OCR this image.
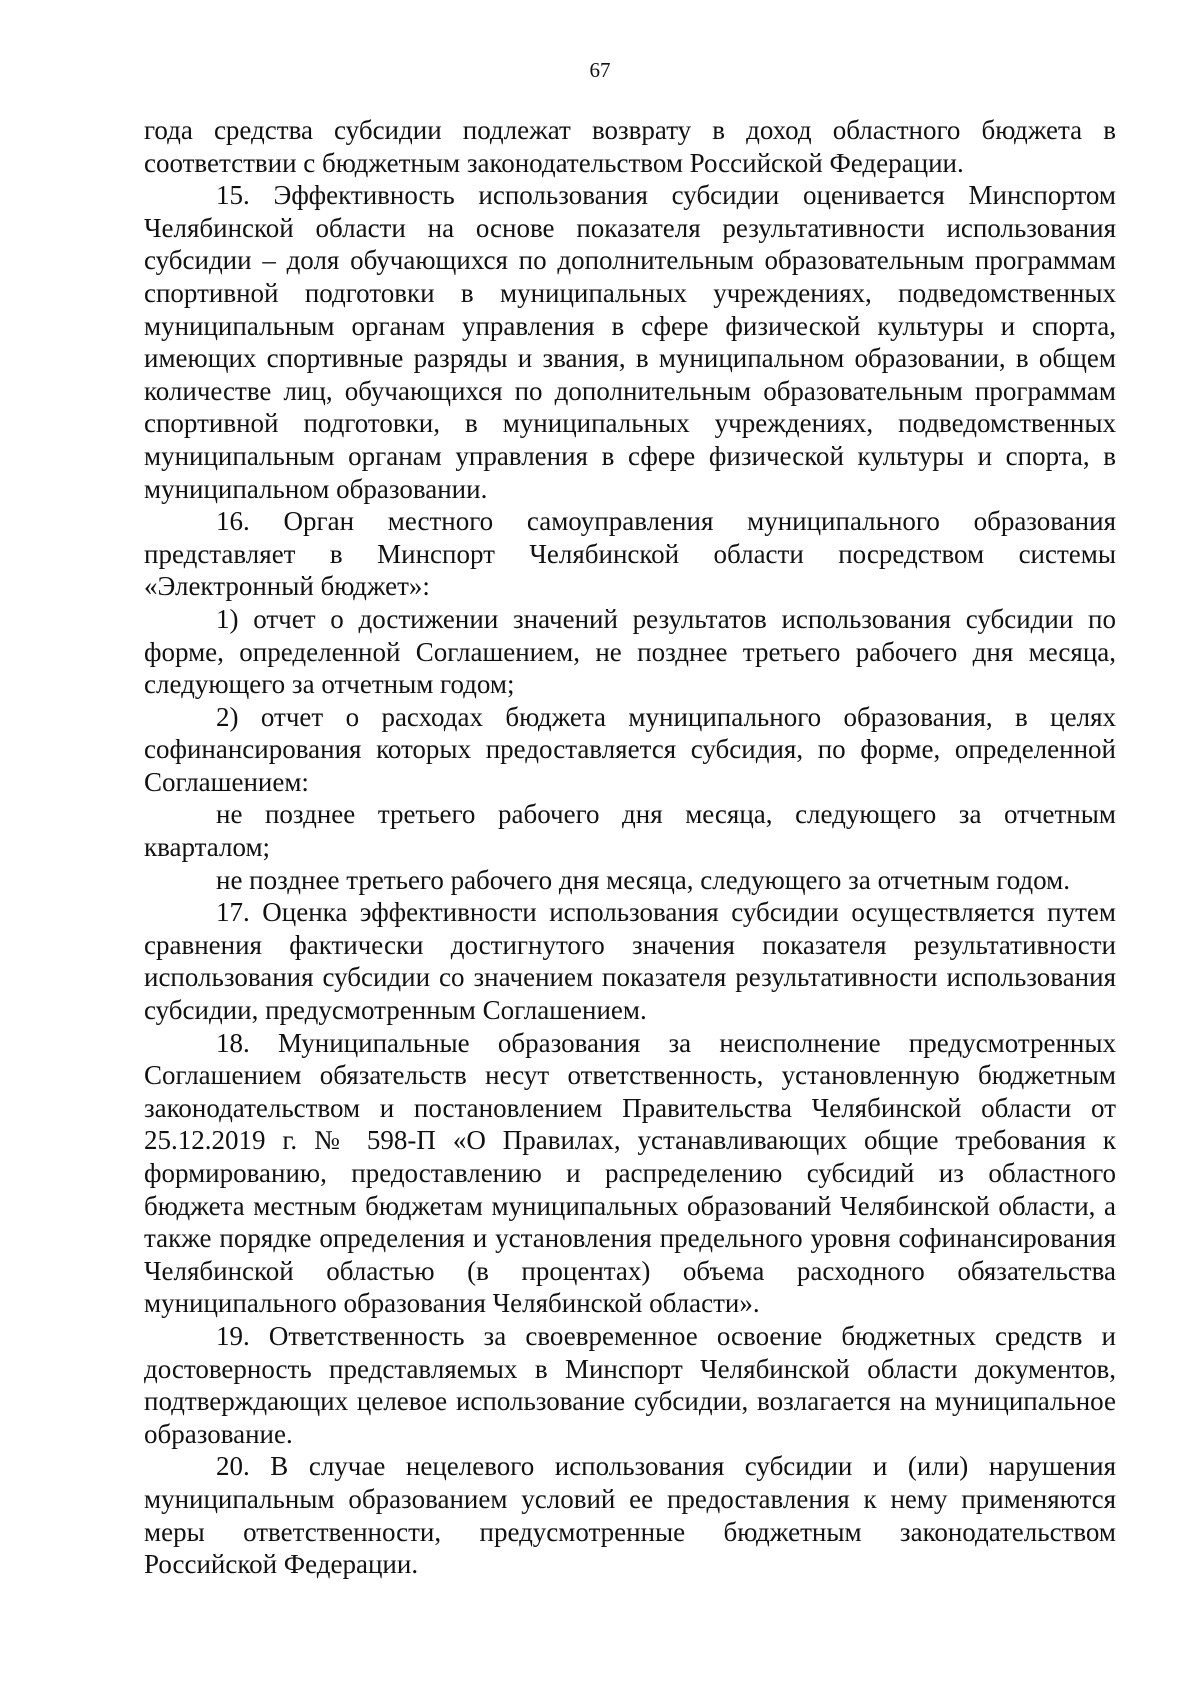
67

года средства субсидии подлежат возврату в доход областного бюджета в соответствии с бюджетным законодательством Российской Федерации.

15. Эффективность использования субсидии оценивается Минспортом Челябинской области на основе показателя результативности использования субсидии – доля обучающихся по дополнительным образовательным программам спортивной подготовки в муниципальных учреждениях, подведомственных муниципальным органам управления в сфере физической культуры и спорта, имеющих спортивные разряды и звания, в муниципальном образовании, в общем количестве лиц, обучающихся по дополнительным образовательным программам спортивной подготовки, в муниципальных учреждениях, подведомственных муниципальным органам управления в сфере физической культуры и спорта, в муниципальном образовании.

16. Орган местного самоуправления муниципального образования представляет в Минспорт Челябинской области посредством системы «Электронный бюджет»:

1) отчет о достижении значений результатов использования субсидии по форме, определенной Соглашением, не позднее третьего рабочего дня месяца, следующего за отчетным годом;

2) отчет о расходах бюджета муниципального образования, в целях софинансирования которых предоставляется субсидия, по форме, определенной Соглашением:

не позднее третьего рабочего дня месяца, следующего за отчетным кварталом;

не позднее третьего рабочего дня месяца, следующего за отчетным годом.

17. Оценка эффективности использования субсидии осуществляется путем сравнения фактически достигнутого значения показателя результативности использования субсидии со значением показателя результативности использования субсидии, предусмотренным Соглашением.

18. Муниципальные образования за неисполнение предусмотренных Соглашением обязательств несут ответственность, установленную бюджетным законодательством и постановлением Правительства Челябинской области от 25.12.2019 г. № 598-П «О Правилах, устанавливающих общие требования к формированию, предоставлению и распределению субсидий из областного бюджета местным бюджетам муниципальных образований Челябинской области, а также порядке определения и установления предельного уровня софинансирования Челябинской областью (в процентах) объема расходного обязательства муниципального образования Челябинской области».

19. Ответственность за своевременное освоение бюджетных средств и достоверность представляемых в Минспорт Челябинской области документов, подтверждающих целевое использование субсидии, возлагается на муниципальное образование.

20. В случае нецелевого использования субсидии и (или) нарушения муниципальным образованием условий ее предоставления к нему применяются меры ответственности, предусмотренные бюджетным законодательством Российской Федерации.
